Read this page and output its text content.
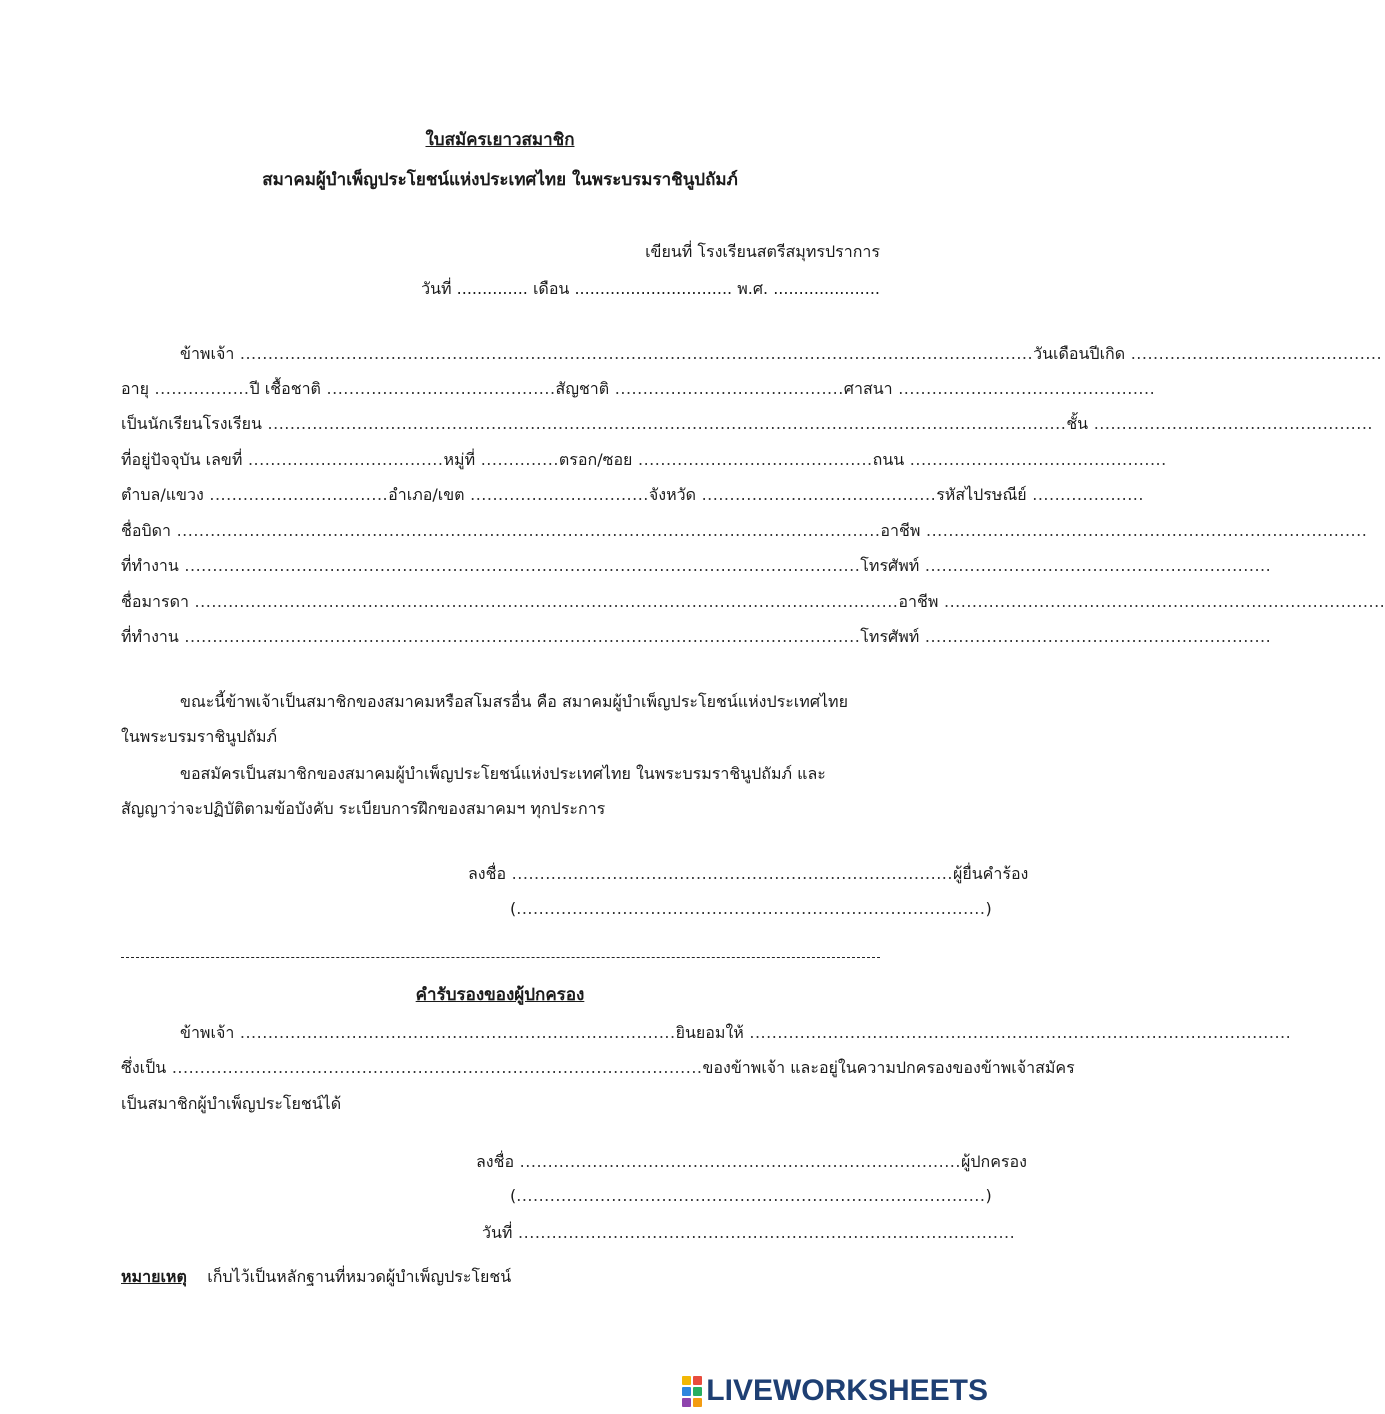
ใบสมัครเยาวสมาชิก
สมาคมผู้บำเพ็ญประโยชน์แห่งประเทศไทย ในพระบรมราชินูปถัมภ์
เขียนที่ โรงเรียนสตรีสมุทรปราการ
วันที่ .............. เดือน ............................... พ.ศ. .....................
ข้าพเจ้า .............................................................................................................................................. วันเดือนปีเกิด .............................................
อายุ ................. ปี
เชื้อชาติ ......................................... สัญชาติ ......................................... ศาสนา ..............................................
เป็นนักเรียนโรงเรียน ............................................................................................................................................... ชั้น ..................................................
ที่อยู่ปัจจุบัน เลขที่ ................................... หมู่ที่ .............. ตรอก/ซอย .......................................... ถนน ..............................................
ตำบล/แขวง ................................ อำเภอ/เขต ................................ จังหวัด .......................................... รหัสไปรษณีย์ ....................
ชื่อบิดา .............................................................................................................................. อาชีพ ...............................................................................
ที่ทำงาน ......................................................................................................................... โทรศัพท์ ..............................................................
ชื่อมารดา .............................................................................................................................. อาชีพ ...............................................................................
ที่ทำงาน ......................................................................................................................... โทรศัพท์ ..............................................................
ขณะนี้ข้าพเจ้าเป็นสมาชิกของสมาคมหรือสโมสรอื่น คือ สมาคมผู้บำเพ็ญประโยชน์แห่งประเทศไทย
ในพระบรมราชินูปถัมภ์
ขอสมัครเป็นสมาชิกของสมาคมผู้บำเพ็ญประโยชน์แห่งประเทศไทย ในพระบรมราชินูปถัมภ์ และ
สัญญาว่าจะปฏิบัติตามข้อบังคับ ระเบียบการฝึกของสมาคมฯ ทุกประการ
ลงชื่อ ............................................................................... ผู้ยื่นคำร้อง
( .................................................................................... )
คำรับรองของผู้ปกครอง
ข้าพเจ้า .............................................................................. ยินยอมให้ .................................................................................................
ซึ่งเป็น ............................................................................................... ของข้าพเจ้า และอยู่ในความปกครองของข้าพเจ้าสมัคร
เป็นสมาชิกผู้บำเพ็ญประโยชน์ได้
ลงชื่อ ............................................................................... ผู้ปกครอง
( .................................................................................... )
วันที่ .........................................................................................
หมายเหตุ เก็บไว้เป็นหลักฐานที่หมวดผู้บำเพ็ญประโยชน์
LIVEWORKSHEETS
